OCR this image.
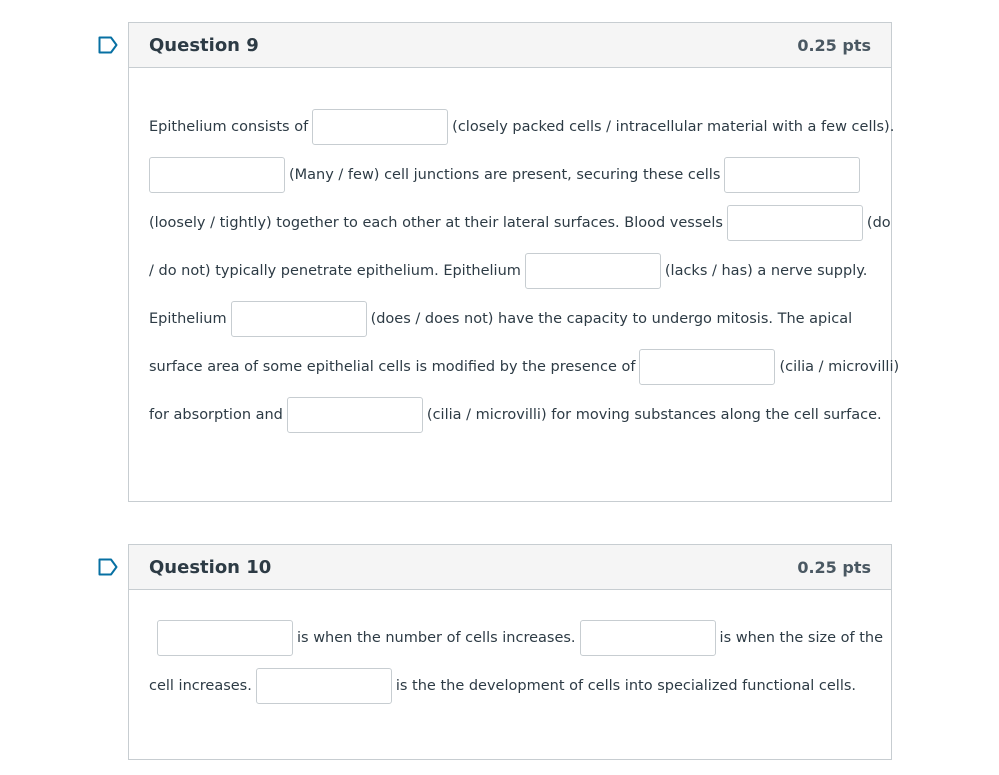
Question 9	0.25 pts
Epithelium consists of	(closely packed cells / intracellular material with a few cells).
(Many / few) cell junctions are present, securing these cells
(loosely / tightly) together to each other at their lateral surfaces. Blood vessels	(do
/ do not) typically penetrate epithelium. Epithelium	(lacks / has) a nerve supply.
Epithelium	(does / does not) have the capacity to undergo mitosis. The apical
surface area of some epithelial cells is modified by the presence of	(cilia / microvilli)
for absorption and	(cilia / microvilli) for moving substances along the cell surface.
Question 10	0.25 pts
is when the number of cells increases.	is when the size of the
cell increases.	is the the development of cells into specialized functional cells.
